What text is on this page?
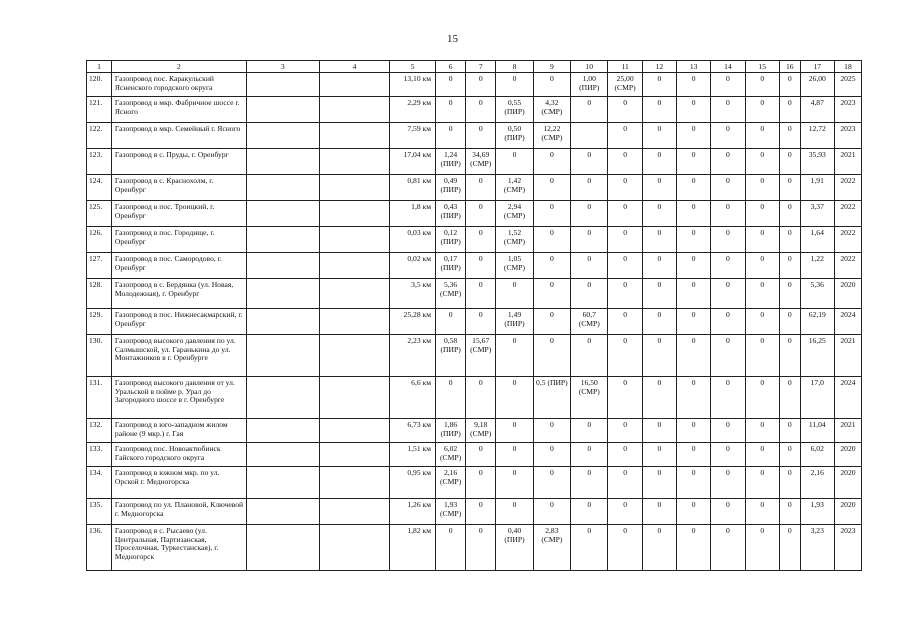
15
1	2	3	4	5	6	7	8	9	10	11	12	13	14	15	16	17	18
120.	Газопровод пос. Каракульский Ясненского городского округа			13,10 км	0	0	0	0	1,00 (ПИР)	25,00 (СМР)	0	0	0	0	0	26,00	2025
121.	Газопровод в мкр. Фабричное шоссе г. Ясного			2,29 км	0	0	0,55 (ПИР)	4,32 (СМР)	0	0	0	0	0	0	0	4,87	2023
122.	Газопровод в мкр. Семейный г. Ясного			7,59 км	0	0	0,50 (ПИР)	12,22 (СМР)		0	0	0	0	0	0	12,72	2023
123.	Газопровод в с. Пруды, г. Оренбург			17,04 км	1,24 (ПИР)	34,69 (СМР)	0	0	0	0	0	0	0	0	0	35,93	2021
124.	Газопровод в с. Краснохолм, г. Оренбург			0,81 км	0,49 (ПИР)	0	1,42 (СМР)	0	0	0	0	0	0	0	0	1,91	2022
125.	Газопровод в пос. Троицкий, г. Оренбург			1,8 км	0,43 (ПИР)	0	2,94 (СМР)	0	0	0	0	0	0	0	0	3,37	2022
126.	Газопровод в пос. Городище, г. Оренбург			0,03 км	0,12 (ПИР)	0	1,52 (СМР)	0	0	0	0	0	0	0	0	1,64	2022
127.	Газопровод в пос. Самородово, г. Оренбург			0,02 км	0,17 (ПИР)	0	1,05 (СМР)	0	0	0	0	0	0	0	0	1,22	2022
128.	Газопровод в с. Бердянка (ул. Новая, Молодежная), г. Оренбург			3,5 км	5,36 (СМР)	0	0	0	0	0	0	0	0	0	0	5,36	2020
129.	Газопровод в пос. Нижнесакмарский, г. Оренбург			25,28 км	0	0	1,49 (ПИР)	0	60,7 (СМР)	0	0	0	0	0	0	62,19	2024
130.	Газопровод высокого давления по ул. Салмышской, ул. Гаранькина до ул. Монтажников в г. Оренбурге			2,23 км	0,58 (ПИР)	15,67 (СМР)	0	0	0	0	0	0	0	0	0	16,25	2021
131.	Газопровод высокого давления от ул. Уральской в пойме р. Урал до Загородного шоссе в г. Оренбурге			6,6 км	0	0	0	0,5 (ПИР)	16,50 (СМР)	0	0	0	0	0	0	17,0	2024
132.	Газопровод в юго-западном жилом районе (9 мкр.) г. Гая			6,73 км	1,86 (ПИР)	9,18 (СМР)	0	0	0	0	0	0	0	0	0	11,04	2021
133.	Газопровод пос. Новоактюбинск Гайского городского округа			1,51 км	6,02 (СМР)	0	0	0	0	0	0	0	0	0	0	6,02	2020
134.	Газопровод в южном мкр. по ул. Орской г. Медногорска			0,95 км	2,16 (СМР)	0	0	0	0	0	0	0	0	0	0	2,16	2020
135.	Газопровод по ул. Плановой, Ключевой г. Медногорска			1,26 км	1,93 (СМР)	0	0	0	0	0	0	0	0	0	0	1,93	2020
136.	Газопровод в с. Рысаево (ул. Центральная, Партизанская, Проселочная, Туркестанская), г. Медногорск			1,82 км	0	0	0,40 (ПИР)	2,83 (СМР)	0	0	0	0	0	0	0	3,23	2023
